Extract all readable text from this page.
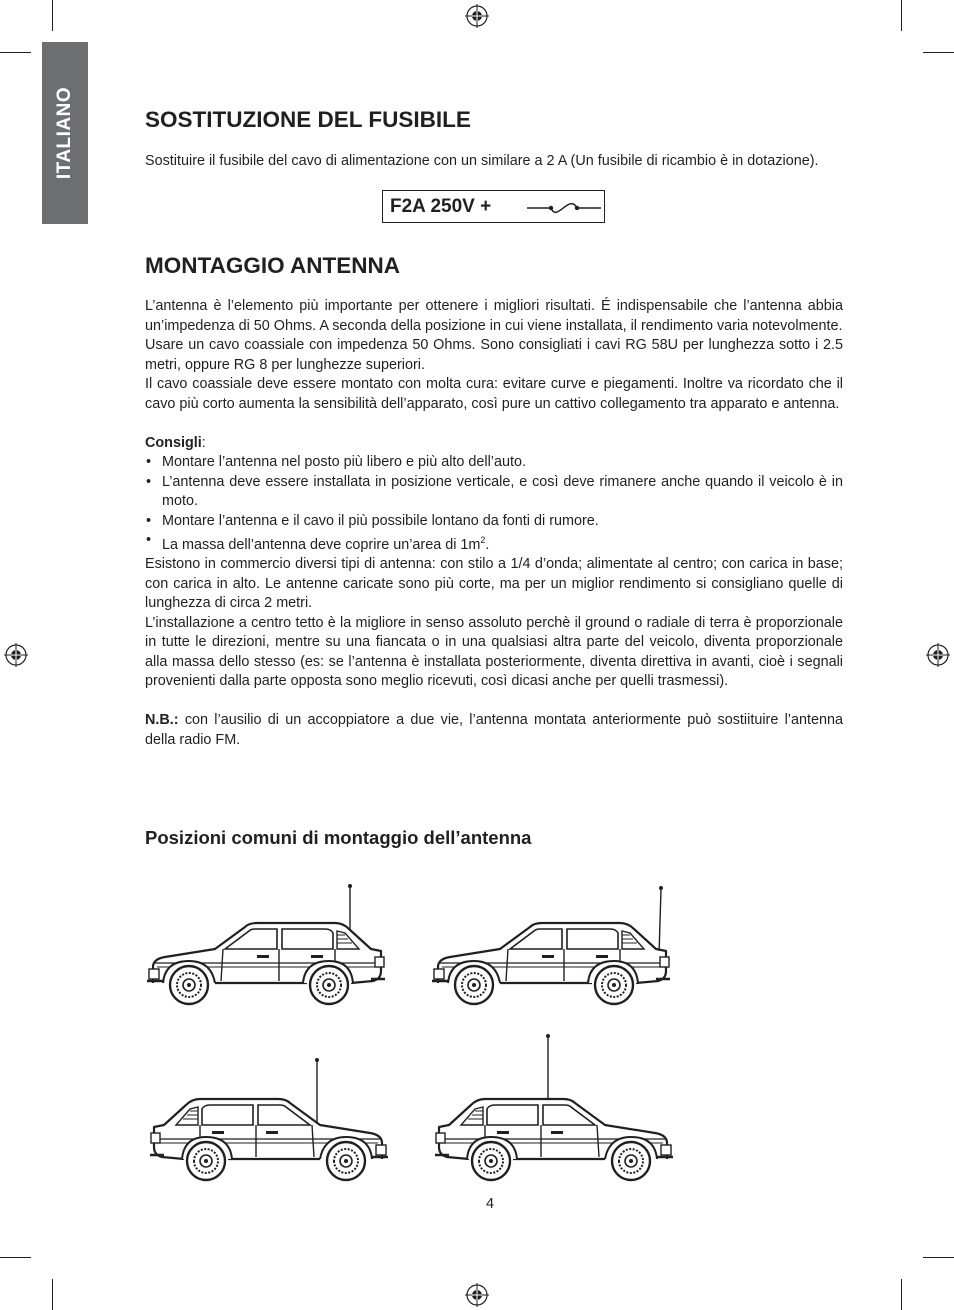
ITALIANO	SOSTITUZIONE DEL FUSIBILE

Sostituire il fusibile del cavo di alimentazione con un similare a 2 A (Un fusibile di ricambio è in dotazione).

F2A 250V +
MONTAGGIO ANTENNA

L’antenna è l’elemento più importante per ottenere i migliori risultati. É indispensabile che l’antenna abbia un’impedenza di 50 Ohms. A seconda della posizione in cui viene installata, il rendimento varia notevolmente.

Usare un cavo coassiale con impedenza 50 Ohms. Sono consigliati i cavi RG 58U per lunghezza sotto i 2.5 metri, oppure RG 8 per lunghezze superiori.

Il cavo coassiale deve essere montato con molta cura: evitare curve e piegamenti. Inoltre va ricordato che il cavo più corto aumenta la sensibilità dell’apparato, così pure un cattivo collegamento tra apparato e antenna.

Consigli:

• Montare l’antenna nel posto più libero e più alto dell’auto.
• L’antenna deve essere installata in posizione verticale, e così deve rimanere anche quando il veicolo è in moto.
• Montare l’antenna e il cavo il più possibile lontano da fonti di rumore.
• La massa dell’antenna deve coprire un’area di $1m^2$.

Esistono in commercio diversi tipi di antenna: con stilo a 1/4 d’onda; alimentate al centro; con carica in base; con carica in alto. Le antenne caricate sono più corte, ma per un miglior rendimento si consigliano quelle di lunghezza di circa 2 metri.

L’installazione a centro tetto è la migliore in senso assoluto perchè il ground o radiale di terra è proporzionale in tutte le direzioni, mentre su una fiancata o in una qualsiasi altra parte del veicolo, diventa proporzionale alla massa dello stesso (es: se l’antenna è installata posteriormente, diventa direttiva in avanti, cioè i segnali provenienti dalla parte opposta sono meglio ricevuti, così dicasi anche per quelli trasmessi).

N.B.: con l’ausilio di un accoppiatore a due vie, l’antenna montata anteriormente può sostiituire l’antenna della radio FM.

Posizioni comuni di montaggio dell’antenna
4
